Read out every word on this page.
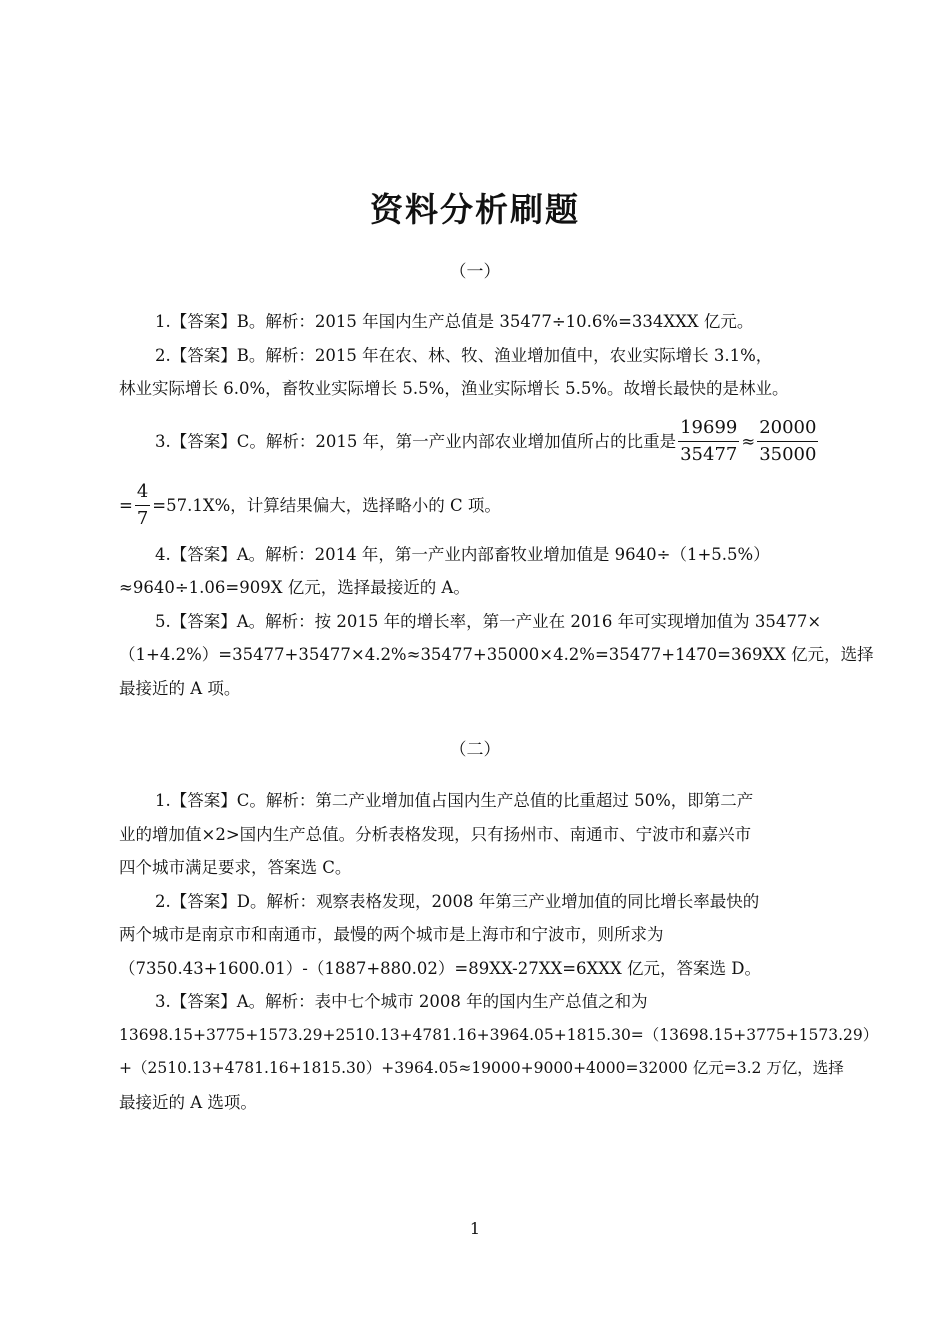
资料分析刷题
（一）
1.【答案】B。解析：2015 年国内生产总值是 35477÷10.6%=334XXX 亿元。
2.【答案】B。解析：2015 年在农、林、牧、渔业增加值中，农业实际增长 3.1%，
林业实际增长 6.0%，畜牧业实际增长 5.5%，渔业实际增长 5.5%。故增长最快的是林业。
3.【答案】C。解析：2015 年，第一产业内部农业增加值所占的比重是 $\frac{19699}{35477} \approx \frac{20000}{35000}$
= $\frac{4}{7} =57.1X\%$，计算结果偏大，选择略小的 C 项。
4.【答案】A。解析：2014 年，第一产业内部畜牧业增加值是 9640÷（1+5.5%）
≈9640÷1.06=909X 亿元，选择最接近的 A。
5.【答案】A。解析：按 2015 年的增长率，第一产业在 2016 年可实现增加值为 35477×
（1+4.2%）=35477+35477×4.2%≈35477+35000×4.2%=35477+1470=369XX 亿元，选择
最接近的 A 项。
（二）
1.【答案】C。解析：第二产业增加值占国内生产总值的比重超过 50%，即第二产
业的增加值×2>国内生产总值。分析表格发现，只有扬州市、南通市、宁波市和嘉兴市
四个城市满足要求，答案选 C。
2.【答案】D。解析：观察表格发现，2008 年第三产业增加值的同比增长率最快的
两个城市是南京市和南通市，最慢的两个城市是上海市和宁波市，则所求为
（7350.43+1600.01）-（1887+880.02）=89XX-27XX=6XXX 亿元，答案选 D。
3.【答案】A。解析：表中七个城市 2008 年的国内生产总值之和为
13698.15+3775+1573.29+2510.13+4781.16+3964.05+1815.30=（13698.15+3775+1573.29）
+（2510.13+4781.16+1815.30）+3964.05≈19000+9000+4000=32000 亿元=3.2 万亿，选择
最接近的 A 选项。
1
